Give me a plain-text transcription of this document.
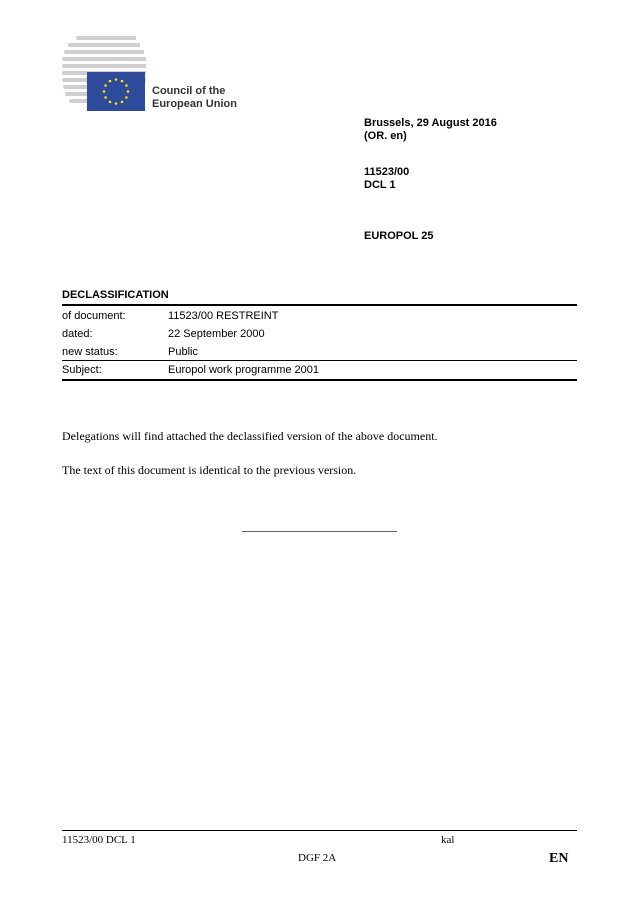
Council of the
European Union
Brussels, 29 August 2016
(OR. en)
11523/00
DCL 1
EUROPOL 25
DECLASSIFICATION
of document:	11523/00 RESTREINT
dated:	22 September 2000
new status:	Public
Subject:	Europol work programme 2001
Delegations will find attached the declassified version of the above document.
The text of this document is identical to the previous version.
11523/00 DCL 1	kal
DGF 2A	EN
